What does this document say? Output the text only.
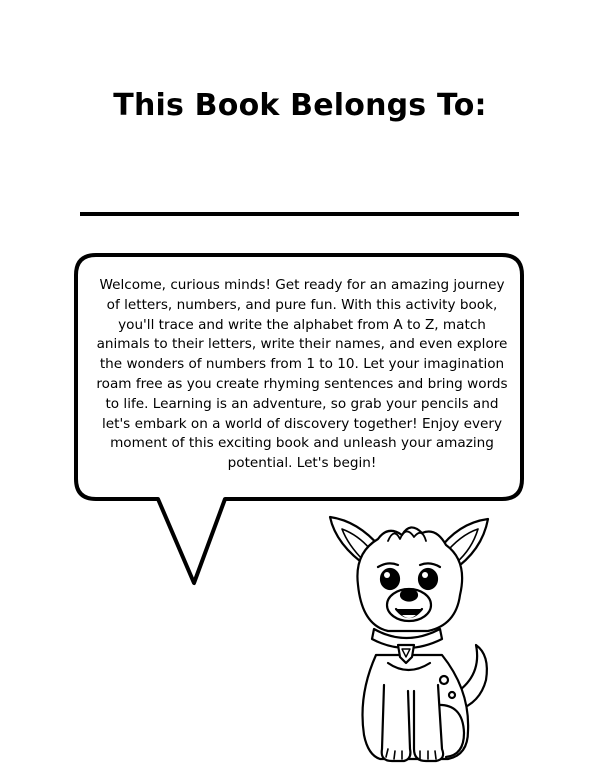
This Book Belongs To:

Welcome, curious minds! Get ready for an amazing journey of letters, numbers, and pure fun. With this activity book, you'll trace and write the alphabet from A to Z, match animals to their letters, write their names, and even explore the wonders of numbers from 1 to 10. Let your imagination roam free as you create rhyming sentences and bring words to life. Learning is an adventure, so grab your pencils and let's embark on a world of discovery together! Enjoy every moment of this exciting book and unleash your amazing potential. Let's begin!
